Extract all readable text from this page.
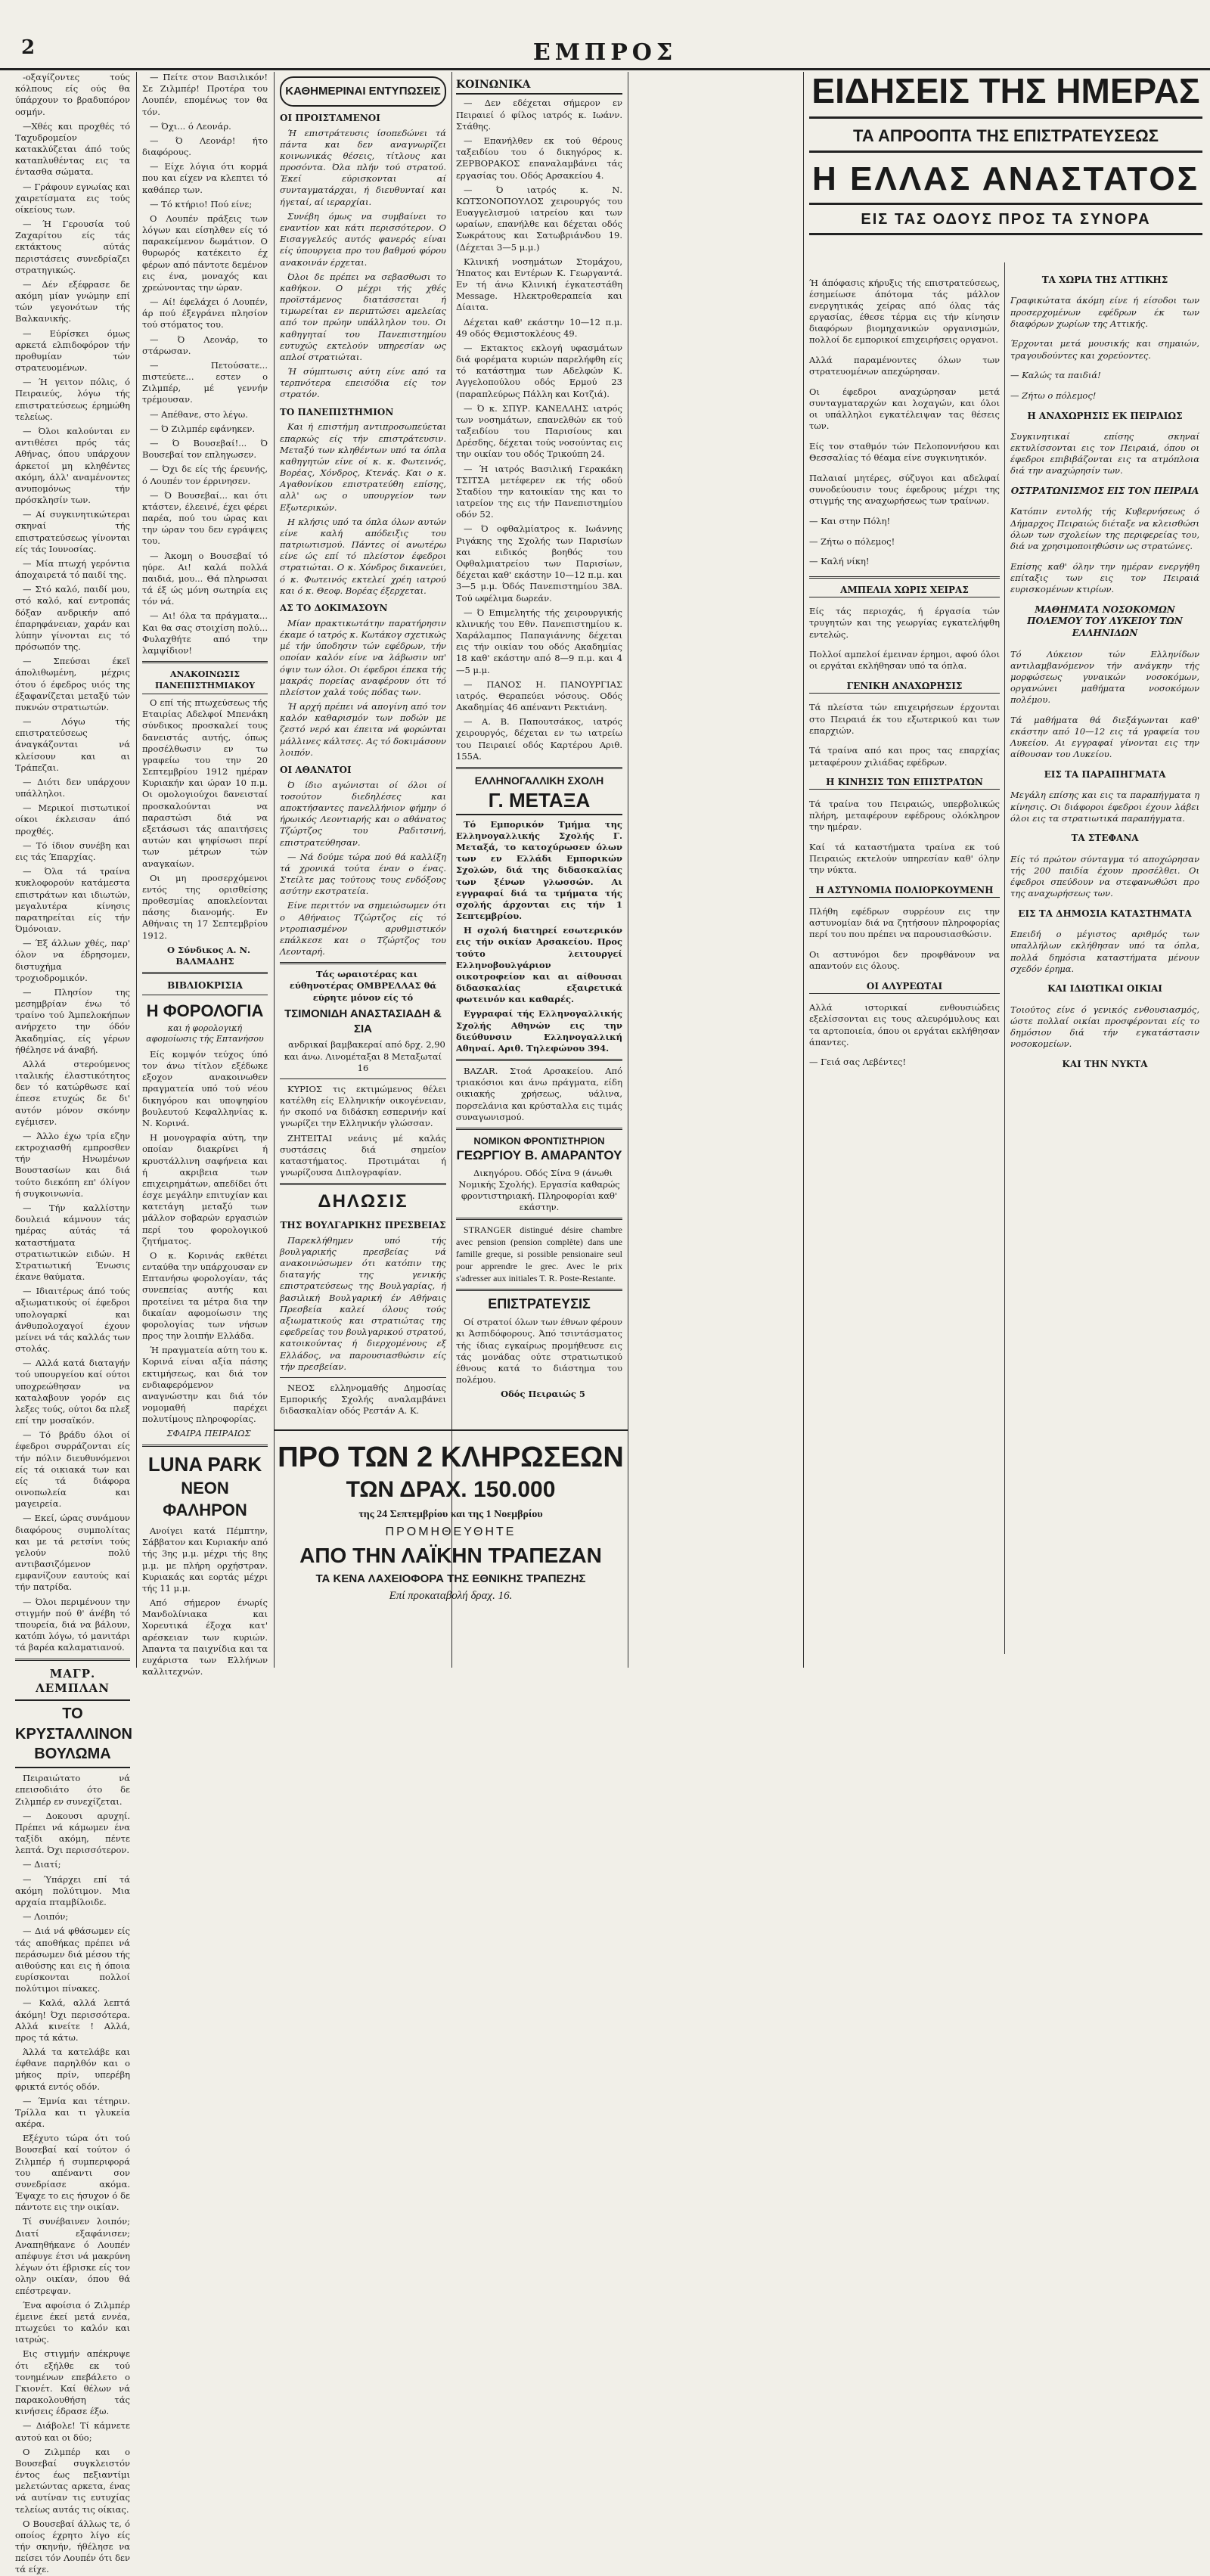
2	ΕΜΠΡΟΣ

-οξαγίζοντες τούς κόλπους είς ούς θα ύπάρχουν το βραδυπόρον οσμήν.

—Χθές και προχθές τό Ταχυδρομείον κατακλύζεται άπό τούς καταπλυθέντας εις τα έντασθα σώματα.

— Γράφουν εγνωίας και χαιρετίσματα εις τούς οίκείους των.

— Ή Γερουσία τού Ζαχαρίτου είς τάς εκτάκτους αύτάς περιστάσεις συνεδρίαζει στρατηγικώς.

— Δέν εξέφρασε δε ακόμη μίαν γνώμην επί τών γεγονότων τής Βαλκανικής.

— Εύρίσκει όμως αρκετά ελπιδοφόρον τήν προθυμίαν τών στρατευομένων.

— Ή γειτον πόλις, ό Πειραιεύς, λόγω τής επιστρατεύσεως έρημώθη τελείως.

— Όλοι καλούνται εν αντιθέσει πρός τάς Αθήνας, όπου υπάρχουν άρκετοί μη κληθέντες ακόμη, άλλ' αναμένοντες ανυπομόνως τήν πρόσκλησίν των.

— Αί συγκινητικώτεραι σκηναί τής επιστρατεύσεως γίνονται είς τάς Ιουνοσίας.

— Μία πτωχή γερόντια άποχαιρετά τό παιδί της.

— Στό καλό, παιδί μου, στό καλό, καί εντροπάς δόξαν ανδρικήν από έπαρηφάνειαν, χαράν και λύπην γίνονται εις τό πρόσωπόν της.

— Σπεύσαι έκεϊ άπολιθωμένη, μέχρις ότου ό έφεδρος υιός της έξαφανίζεται μεταξύ τών πυκνών στρατιωτών.

— Λόγω τής επιστρατεύσεως άναγκάζονται νά κλείσουν και αι Τράπεζαι.

— Διότι δεν υπάρχουν υπάλληλοι.

— Μερικοί πιστωτικοί οίκοι έκλεισαν άπό προχθές.

— Τό ίδιον συνέβη και εις τάς Έπαρχίας.

— Όλα τά τραίνα κυκλοφορούν κατάμεστα επιστράτων και ιδιωτών, μεγαλυτέρα κίνησις παρατηρείται είς τήν Όμόνοιαν.

— Έξ άλλων χθές, παρ' όλον να έδρησομεν, διστυχήμα τροχιοδρομικόν.

— Πλησίον της μεσημβρίαν ένω τό τραίνο τού Άμπελοκήπων ανήρχετο την όδόν Άκαδημίας, είς γέρων ήθέλησε νά άναβή.

Αλλά στερούμενος ιταλικής έλαστικότητος δεν τό κατώρθωσε καί έπεσε ετυχώς δε δι' αυτόν μόνον σκόνην εγέμισεν.

— Άλλο έχω τρία εζην εκτροχιασθή εμπροσθεν τήν Ηνωμένων Βουστασίων και διά τούτο διεκόπη επ' όλίγον ή συγκοινωνία.

— Τήν καλλίστην δουλειά κάμνουν τάς ημέρας αύτάς τά καταστήματα στρατιωτικών ειδών. Η Στρατιωτική Ένωσις έκανε θαύματα.

— Ιδιαιτέρως άπό τούς αξιωματικούς οί έφεδροι υπολογαρκί και άνθυπολοχαγοί έχουν μείνει νά τάς καλλάς των στολάς.

— Αλλά κατά διαταγήν τού υπουργείου καί ούτοι υποχρεώθησαν να καταλαβουν γορόν εις λεξες τούς, ούτοι δα πλεξ επί την μοσαϊκόν.

— Τό βράδυ όλοι οί έφεδροι συρράζονται είς τήν πόλιν διευθυνόμενοι είς τά οικιακά των και είς τά διάφορα οινοπωλεία και μαγειρεία.

— Εκεί, ώρας συνάμουν διαφόρους συμπολίτας και με τά ρετσίνι τούς γελούν πολύ αντιβασιζόμενον εμφανίζουν εαυτούς καί τήν πατρίδα.

— Όλοι περιμένουν την στιγμήν πού θ' άνέβη τό τπουρεία, διά να βάλουν, κατόπι λόγω, τό μανιτάρι τά βαρέα καλαματιανού.

ΜΑΓΡ. ΛΕΜΠΛΑΝ
ΤΟ ΚΡΥΣΤΑΛΛΙΝΟΝ ΒΟΥΛΩΜΑ

Πειραιώτατο νά επεισοδιάτο ότο δε Ζιλμπέρ εν συνεχίζεται.

— Δοκουσι αρυχηί. Πρέπει νά κάμωμεν ένα ταξίδι ακόμη, πέντε λεπτά. Όχι περισσότερον.

— Διατί;

— Ύπάρχει επί τά ακόμη πολύτιμον. Μια αρχαία πταμβίλοιδε.

— Λοιπόν;

— Διά νά φθάσωμεν είς τάς αποθήκας πρέπει νά περάσωμεν διά μέσου τής αιθούσης και εις ή όποια ευρίσκονται πολλοί πολύτιμοι πίνακες.

— Καλά, αλλά λεπτά άκόμη! Όχι περισσότερα. Αλλά κινείτε ! Αλλά, προς τά κάτω.

Άλλά τα κατελάβε και έφθανε παρηλθόν και ο μήκος πρίν, υπερέβη φρικτά εντός οδόν.

— Έμνία και τέτηριν. Τρίλλα και τι γλυκεία ακέρα.

Εξέχυτο τώρα ότι τού Βουσεβαί καί τούτον ό Ζιλμπέρ ή συμπεριφορά του απέναντι σον συνεδρίασε ακόμα. Έψαχε το εις ήσυχον ό δε πάντοτε εις την οικίαν.

Τί συνέβαινεν λοιπόν; Διατί εξαφάνισεν; Αναπηθήκανε ό Λουπέν απέφυγε έτσι νά μακρύνη λέγων ότι έβρισκε είς τον ολην οικίαν, όπου θά επέστρεψαν.

Ένα αφοίσια ό Ζιλμπέρ έμεινε έκεί μετά εννέα, πτωχεύει το καλόν και ιατρώς.

Εις στιγμήν απέκρυψε ότι εξήλθε εκ τού τονημένων επεβάλετο ο Γκιονέτ. Καί θέλων νά παρακολουθήση τάς κινήσεις έδρασε έξω.

— Διάβολε! Τί κάμνετε αυτού και οι δύο;

Ο Ζιλμπέρ και ο Βουσεβαί συγκλειστόν έντος έως πεξιαντίμι μελετώντας αρκετα, ένας νά αυτίναν τις ευτυχίας τελείως αυτάς τις οίκιας.

Ο Βουσεβαί άλλως τε, ό οποίος έχρητο λίγο είς τήν σκηνήν, ήθέλησε να πείσει τόν Λουπέν ότι δεν τά είχε.

— Πείτε στον Βασιλικόν! Σε Ζιλμπέρ! Προτέρα του Λουπέν, επομένως τον θα τόν.

— Όχι... ό Λεονάρ.

— Ό Λεονάρ! ήτο διαφόρους.

— Είχε λόγια ότι κορμά που και είχεν να κλεπτει τό καθάπερ των.

— Τό κτήριο! Πού είνε;

Ο Λουπέν πράξεις των λόγων και είσηλθεν είς τό παρακείμενον δωμάτιον. Ο θυρωρός κατέκειτο έχ φέρων από πάντοτε δεμένον εις ένα, μοναχός και χρεώνοντας την ώραν.

— Αί! έφελάχει ό Λουπέν, άρ πού έξεγράνει πλησίον τού στόματος του.

— Ό Λεονάρ, το στάρωσαν.

— Πετούσατε... πιστεύετε... εστεν ο Ζιλμπέρ, μέ γεννήν τρέμουσαν.

— Απέθανε, στο λέγω.

— Ό Ζιλμπέρ εφάνηκεν.

— Ό Βουσεβαί!... Ό Βουσεβαί τον επληγωσεν.

— Όχι δε είς τής έρευνής, ό Λουπέν τον έρρινησεν.

— Ό Βουσεβαί... και ότι κτάστεν, έλεεινέ, έχει φέρει παρέα, πού του ώρας και την ώραν του δεν εγράψεις του.

— Άκομη ο Βουσεβαί τό ηύρε. Αι! καλά πολλά παιδιά, μου... Θά πληρωσαι τά έξ ώς μόνη σωτηρία εις τόν νά.

— Αι! όλα τα πράγματα... Και θα σας στοιχίση πολύ... Φυλαχθήτε από την λαμψίδιον!

ΑΝΑΚΟΙΝΩΣΙΣ ΠΑΝΕΠΙΣΤΗΜΙΑΚΟΥ

Ο επί τής πτωχεύσεως τής Εταιρίας Αδελφοί Μπενάκη σύνδικος προσκαλεί τους δανειστάς αυτής, όπως προσέλθωσιν εν τω γραφείω του την 20 Σεπτεμβρίου 1912 ημέραν Κυριακήν και ώραν 10 π.μ. Οι ομολογιούχοι δανεισταί προσκαλούνται να παραστώσι διά να εξετάσωσι τάς απαιτήσεις αυτών και ψηφίσωσι περί των μέτρων τών αναγκαίων.

Οι μη προσερχόμενοι εντός της ορισθείσης προθεσμίας αποκλείονται πάσης διανομής. Εν Αθήναις τη 17 Σεπτεμβρίου 1912.

Ο Σύνδικος Α. Ν. ΒΑΛΜΑΔΗΣ

ΒΙΒΛΙΟΚΡΙΣΙΑ
Η ΦΟΡΟΛΟΓΙΑ
και ή φορολογική αφομοίωσις τής Επτανήσου

Είς κομψόν τεύχος ύπό τον άνω τίτλον εξέδωκε εξοχον ανακοινωθεν πραγματεία υπό τού νέου δικηγόρου και υποψηφίου βουλευτού Κεφαλληνίας κ. Ν. Κορινά.

Η μονογραφία αύτη, την οποίαν διακρίνει ή κρυστάλλινη σαφήνεια και ή ακριβεια των επιχειρημάτων, απεδίδει ότι έσχε μεγάλην επιτυχίαν και κατετάγη μεταξύ των μάλλον σοβαρών εργασιών περί του φορολογικού ζητήματος.

Ο κ. Κορινάς εκθέτει ενταύθα την υπάρχουσαν εν Επτανήσω φορολογίαν, τάς συνεπείας αυτής και προτείνει τα μέτρα δια την δικαίαν αφομοίωσιν της φορολογίας των νήσων προς την λοιπήν Ελλάδα.

Ή πραγματεία αύτη του κ. Κορινά είναι αξία πάσης εκτιμήσεως, και διά τον ενδιαφερόμενον αναγνώστην και διά τόν νομομαθή παρέχει πολυτίμους πληροφορίας.

ΣΦΑΙΡΑ ΠΕΙΡΑΙΩΣ

LUNA PARK
ΝΕΟΝ ΦΑΛΗΡΟΝ

Ανοίγει κατά Πέμπτην, Σάββατον και Κυριακήν από τής 3ης μ.μ. μέχρι τής 8ης μ.μ. με πλήρη ορχήστραν. Κυριακάς και εορτάς μέχρι τής 11 μ.μ.

Από σήμερον ένωρίς Μανδολίνιακα και Χορευτικά έξοχα κατ' αρέσκειαν των κυριών. Άπαντα τα παιχνίδια και τα ευχάριστα των Ελλήνων καλλιτεχνών.

ΚΑΘΗΜΕΡΙΝΑΙ ΕΝΤΥΠΩΣΕΙΣ
ΟΙ ΠΡΟΙΣΤΑΜΕΝΟΙ

Ή επιστράτευσις ίσοπεδώνει τά πάντα και δεν αναγνωρίζει κοινωνικάς θέσεις, τίτλους και προσόντα. Όλα πλήν τού στρατού. Έκεί εύρισκονται αί συνταγματάρχαι, ή διευθυνταί και ήγεταί, αί ιεραρχίαι.

Συνέβη όμως να συμβαίνει το εναντίον και κάτι περισσότερον. Ο Εισαγγελεύς αυτός φανερός είναι είς ύπουργεια προ του βαθμού φόρου ανακοινάν έρχεται.

Όλοι δε πρέπει να σεβασθωσι το καθήκον. Ο μέχρι τής χθές προϊστάμενος διατάσσεται ή τιμωρείται εν περιπτώσει αμελείας από τον πρώην υπάλληλον του. Οι καθηγηταί του Πανεπιστημίου ευτυχώς εκτελούν υπηρεσίαν ως απλοί στρατιώται.

Ή σύμπτωσις αύτη είνε από τα τερπνότερα επεισόδια είς τον στρατόν.

ΤΟ ΠΑΝΕΠΙΣΤΗΜΙΟΝ

Και ή επιστήμη αντιπροσωπεύεται επαρκώς είς τήν επιστράτευσιν. Μεταξύ των κληθέντων υπό τα όπλα καθηγητών είνε οί κ. κ. Φωτεινός, Βορέας, Χόνδρος, Κτενάς. Και ο κ. Αγαθονίκου επιστρατεύθη επίσης, αλλ' ως ο υπουργείον των Εξωτερικών.

Η κλήσις υπό τα όπλα όλων αυτών είνε καλή απόδειξις του πατριωτισμού. Πάντες οί ανωτέρω είνε ώς επί τό πλείστον έφεδροι στρατιώται. Ο κ. Χόνδρος δικανεύει, ό κ. Φωτεινός εκτελεί χρέη ιατρού και ό κ. Θεοφ. Βορέας έξερχεται.

ΑΣ ΤΟ ΔΟΚΙΜΑΣΟΥΝ

Μίαν πρακτικωτάτην παρατήρησιν έκαμε ό ιατρός κ. Κωτάκογ σχετικώς μέ τήν ύποδησιν τών εφέδρων, τήν οποίαν καλόν είνε να λάβωσιν υπ' όψιν των όλοι. Οι έφεδροι έπεκα τής μακράς πορείας αναφέρουν ότι τό πλείστον χαλά τούς πόδας των.

Ή αρχή πρέπει νά απογίνη από τον καλόν καθαρισμόν των ποδών με ζεστό νερό και έπειτα νά φορώνται μάλλινες κάλτσες. Ας τό δοκιμάσουν λοιπόν.

ΟΙ ΑΘΑΝΑΤΟΙ

Ό ίδιο αγώνισται οί όλοι οί τοσούτον διεδηλέσες και αποκτήσαντες πανελλήνιον φήμην ό ήρωικός Λεοντιαρής και ο αθάνατος Τζώρτζος του Ραδιτσινή, επιστρατεύθησαν.

— Νά δούμε τώρα πού θά καλλίξη τά χρονικά τούτα έναν ο ένας. Στείλτε μας τούτους τους ενδόξους ασύτην εκστρατεία.

Είνε περιττόν να σημειώσωμεν ότι ο Αθήναιος Τζώρτζος είς τό ντροπιασμένον αρυθμιστικόν επάλκεσε και ο Τζώρτζος του Λεονταρή.

Τάς ωραιοτέρας και εύθηνοτέρας ΟΜΒΡΕΛΛΑΣ θά εύρητε μόνον είς τό

ΤΣΙΜΟΝΙΔΗ ΑΝΑΣΤΑΣΙΑΔΗ & ΣΙΑ

ανδρικαί βαμβακεραί από δρχ. 2,90 και άνω. Λινομέταξαι 8 Μεταξωταί 16

ΚΥΡΙΟΣ τις εκτιμώμενος θέλει κατέλθη είς Ελληνικήν οικογένειαν, ήν σκοπό να διδάσκη εσπερινήν καί γνωρίζει την Ελληνικήν γλώσσαν.

ΖΗΤΕΙΤΑΙ νεάνις μέ καλάς συστάσεις διά σημείον καταστήματος. Προτιμάται ή γνωρίζουσα Διπλογραφίαν.

ΔΗΛΩΣΙΣ
ΤΗΣ ΒΟΥΛΓΑΡΙΚΗΣ ΠΡΕΣΒΕΙΑΣ

Παρεκλήθημεν υπό τής βουλγαρικής πρεσβείας νά ανακοινώσωμεν ότι κατόπιν της διαταγής της γενικής επιστρατεύσεως της Βουλγαρίας, ή βασιλική Βουλγαρική έν Αθήναις Πρεσβεία καλεί όλους τούς αξιωματικούς και στρατιώτας της εφεδρείας του βουλγαρικού στρατού, κατοικούντας ή διερχομένους εξ Ελλάδος, να παρουσιασθώσιν είς τήν πρεσβείαν.

ΝΕΟΣ ελληνομαθής Δημοσίας Εμπορικής Σχολής αναλαμβάνει διδασκαλίαν οδός Ρεστάν Α. Κ.

ΚΟΙΝΩΝΙΚΑ

— Δεν εδέχεται σήμερον εν Πειραιεί ό φίλος ιατρός κ. Ιωάνν. Στάθης.

— Επανήλθεν εκ τού θέρους ταξειδίου του ό δικηγόρος κ. ΖΕΡΒΟΡΑΚΟΣ επαναλαμβάνει τάς εργασίας του. Οδός Αρσακείου 4.

— Ό ιατρός κ. Ν. ΚΩΤΣΟΝΟΠΟΥΛΟΣ χειρουργός του Ευαγγελισμού ιατρείου και των ωραίων, επανήλθε και δέχεται οδός Σωκράτους και Σατωβριάνδου 19. (Δέχεται 3—5 μ.μ.)

Κλινική νοσημάτων Στομάχου, Ήπατος και Εντέρων Κ. Γεωργαντά. Εν τή άνω Κλινική έγκατεστάθη Message. Ηλεκτροθεραπεία και Δίαιτα.

Δέχεται καθ' εκάστην 10—12 π.μ. 49 οδός Θεμιστοκλέους 49.

— Εκτακτος εκλογή υφασμάτων διά φορέματα κυριών παρελήφθη είς τό κατάστημα των Αδελφών Κ. Αγγελοπούλου οδός Ερμού 23 (παραπλεύρως Πάλλη και Κοτζιά).

— Ό κ. ΣΠΥΡ. ΚΑΝΕΛΛΗΣ ιατρός των νοσημάτων, επανελθών εκ τού ταξειδίου του Παρισίους και Δρέσδης, δέχεται τούς νοσούντας εις την οικίαν του οδός Τρικούπη 24.

— Ή ιατρός Βασιλική Γερακάκη ΤΣΙΤΣΑ μετέφερεν εκ τής οδού Σταδίου την κατοικίαν της και το ιατρείον της εις τήν Πανεπιστημίου οδόν 52.

— Ό οφθαλμίατρος κ. Ιωάννης Ριγάκης της Σχολής των Παρισίων και ειδικός βοηθός του Οφθαλμιατρείου των Παρισίων, δέχεται καθ' εκάστην 10—12 π.μ. και 3—5 μ.μ. Όδός Πανεπιστημίου 38Α. Τού ωφέλιμα δωρεάν.

— Ό Επιμελητής τής χειρουργικής κλινικής του Εθν. Πανεπιστημίου κ. Χαράλαμπος Παπαγιάννης δέχεται εις τήν οικίαν του οδός Ακαδημίας 18 καθ' εκάστην από 8—9 π.μ. και 4—5 μ.μ.

— ΠΑΝΟΣ Η. ΠΑΝΟΥΡΓΙΑΣ ιατρός. Θεραπεύει νόσους. Οδός Ακαδημίας 46 απέναντι Ρεκτιάνη.

— Α. Β. Παπουτσάκος, ιατρός χειρουργός, δέχεται εν τω ιατρείω του Πειραιεί οδός Καρτέρου Αριθ. 155Α.

ΕΛΛΗΝΟΓΑΛΛΙΚΗ ΣΧΟΛΗ
Γ. ΜΕΤΑΞΑ

Τό Εμπορικόν Τμήμα της Ελληνογαλλικής Σχολής Γ. Μεταξά, το κατοχύρωσεν όλων των εν Ελλάδι Εμπορικών Σχολών, διά της διδασκαλίας των ξένων γλωσσών. Αι εγγραφαί διά τα τμήματα τής σχολής άρχονται εις τήν 1 Σεπτεμβρίου.

Η σχολή διατηρεί εσωτερικόν εις τήν οικίαν Αρσακείου. Προς τούτο λειτουργεί Ελληνοβουλγάριον οικοτροφείον και αι αίθουσαι διδασκαλίας εξαιρετικά φωτεινόν και καθαρές.

Εγγραφαί τής Ελληνογαλλικής Σχολής Αθηνών εις την διεύθυνσιν Ελληνογαλλική Αθηναί. Αριθ. Τηλεφώνου 394.

BAZAR. Στοά Αρσακείου. Από τριακόσιοι και άνω πράγματα, είδη οικιακής χρήσεως, υάλινα, πορσελάνια και κρύσταλλα εις τιμάς συναγωνισμού.

ΝΟΜΙΚΟΝ ΦΡΟΝΤΙΣΤΗΡΙΟΝ
ΓΕΩΡΓΙΟΥ Β. ΑΜΑΡΑΝΤΟΥ

Δικηγόρου. Οδός Σίνα 9 (άνωθι Νομικής Σχολής). Εργασία καθαρώς φροντιστηριακή. Πληροφορίαι καθ' εκάστην.

STRANGER distingué désire chambre avec pension (pension complète) dans une famille greque, si possible pensionaire seul pour apprendre le grec. Avec le prix s'adresser aux initiales T. R. Poste-Restante.

ΕΠΙΣΤΡΑΤΕΥΣΙΣ

Οί στρατοί όλων των έθνων φέρουν κι Άσπιδόφορους. Άπό τσιντάσματος τής ίδιας εγκαίρως προμήθευσε εις τάς μονάδας ούτε στρατιωτικού έθνους κατά το διάστημα του πολέμου.

Οδός Πειραιώς 5

ΠΡΟ ΤΩΝ 2 ΚΛΗΡΩΣΕΩΝ
ΤΩΝ ΔΡΑΧ. 150.000
της 24 Σεπτεμβρίου και της 1 Νοεμβρίου
ΠΡΟΜΗΘΕΥΘΗΤΕ
ΑΠΟ ΤΗΝ ΛΑΪΚΗΝ ΤΡΑΠΕΖΑΝ
ΤΑ ΚΕΝΑ ΛΑΧΕΙΟΦΟΡΑ ΤΗΣ ΕΘΝΙΚΗΣ ΤΡΑΠΕΖΗΣ
Επί προκαταβολή δραχ. 16.
ΕΙΔΗΣΕΙΣ ΤΗΣ ΗΜΕΡΑΣ
ΤΑ ΑΠΡΟΟΠΤΑ ΤΗΣ ΕΠΙΣΤΡΑΤΕΥΣΕΩΣ
Η ΕΛΛΑΣ ΑΝΑΣΤΑΤΟΣ
ΕΙΣ ΤΑΣ ΟΔΟΥΣ ΠΡΟΣ ΤΑ ΣΥΝΟΡΑ

Ή άπόφασις κήρυξις τής επιστρατεύσεως, έσημείωσε άπότομα τάς μάλλον ενεργητικάς χείρας από όλας τάς εργασίας, έθεσε τέρμα εις τήν κίνησιν διαφόρων βιομηχανικών οργανισμών, πολλοί δε εμπορικοί επιχειρήσεις οργανοι.

Αλλά παραμένοντες όλων των στρατευομένων απεχώρησαν.

Οι έφεδροι αναχώρησαν μετά συνταγματαρχών και λοχαγών, και όλοι οι υπάλληλοι εγκατέλειψαν τας θέσεις των.

Είς τον σταθμόν τών Πελοποννήσου και Θεσσαλίας τό θέαμα είνε συγκινητικόν.

Παλαιαί μητέρες, σύζυγοι και αδελφαί συνοδεύουσιν τους έφεδρους μέχρι της στιγμής της αναχωρήσεως των τραίνων.

— Και στην Πόλη!

— Ζήτω ο πόλεμος!

— Καλή νίκη!

ΑΜΠΕΛΙΑ ΧΩΡΙΣ ΧΕΙΡΑΣ

Είς τάς περιοχάς, ή έργασία τών τρυγητών και της γεωργίας εγκατελήφθη εντελώς.

Πολλοί αμπελοί έμειναν έρημοι, αφού όλοι οι εργάται εκλήθησαν υπό τα όπλα.

ΓΕΝΙΚΗ ΑΝΑΧΩΡΗΣΙΣ

Τά πλείστα τών επιχειρήσεων έρχονται στο Πειραιά έκ του εξωτερικού και των επαρχιών.

Τά τραίνα από και προς τας επαρχίας μεταφέρουν χιλιάδας εφέδρων.

Η ΚΙΝΗΣΙΣ ΤΩΝ ΕΠΙΣΤΡΑΤΩΝ

Τά τραίνα του Πειραιώς, υπερβολικώς πλήρη, μεταφέρουν εφέδρους ολόκληρον την ημέραν.

Καί τά καταστήματα τραίνα εκ τού Πειραιώς εκτελούν υπηρεσίαν καθ' όλην την νύκτα.

Η ΑΣΤΥΝΟΜΙΑ ΠΟΛΙΟΡΚΟΥΜΕΝΗ

Πλήθη εφέδρων συρρέουν εις την αστυνομίαν διά να ζητήσουν πληροφορίας περί του που πρέπει να παρουσιασθώσιν.

Οι αστυνόμοι δεν προφθάνουν να απαντούν εις όλους.

ΟΙ ΑΛΥΡΕΩΤΑΙ

Αλλά ιστορικαί ενθουσιώδεις εξελίσσονται εις τους αλευρόμυλους και τα αρτοποιεία, όπου οι εργάται εκλήθησαν άπαντες.

— Γειά σας Λεβέντες!

ΤΑ ΧΩΡΙΑ ΤΗΣ ΑΤΤΙΚΗΣ

Γραφικώτατα άκόμη είνε ή είσοδοι των προσερχομένων εφέδρων έκ των διαφόρων χωρίων της Αττικής.

Έρχονται μετά μουσικής και σημαιών, τραγουδούντες και χορεύοντες.

— Καλώς τα παιδιά!

— Ζήτω ο πόλεμος!

Η ΑΝΑΧΩΡΗΣΙΣ ΕΚ ΠΕΙΡΑΙΩΣ

Συγκινητικαί επίσης σκηναί εκτυλίσσονται εις τον Πειραιά, όπου οι έφεδροι επιβιβάζονται εις τα ατμόπλοια διά την αναχώρησίν των.

ΟΣΤΡΑΤΩΝΙΣΜΟΣ ΕΙΣ ΤΟΝ ΠΕΙΡΑΙΑ

Κατόπιν εντολής τής Κυβερνήσεως ό Δήμαρχος Πειραιώς διέταξε να κλεισθώσι όλων των σχολείων της περιφερείας του, διά να χρησιμοποιηθώσιν ως στρατώνες.

Επίσης καθ' όλην την ημέραν ενεργήθη επίταξις των εις τον Πειραιά ευρισκομένων κτιρίων.

ΜΑΘΗΜΑΤΑ ΝΟΣΟΚΟΜΩΝ ΠΟΛΕΜΟΥ ΤΟΥ ΛΥΚΕΙΟΥ ΤΩΝ ΕΛΛΗΝΙΔΩΝ

Τό Λύκειον τών Ελληνίδων αντιλαμβανόμενον τήν ανάγκην τής μορφώσεως γυναικών νοσοκόμων, οργανώνει μαθήματα νοσοκόμων πολέμου.

Τά μαθήματα θά διεξάγωνται καθ' εκάστην από 10—12 εις τά γραφεία του Λυκείου. Αι εγγραφαί γίνονται εις την αίθουσαν του Λυκείου.

ΕΙΣ ΤΑ ΠΑΡΑΠΗΓΜΑΤΑ

Μεγάλη επίσης και εις τα παραπήγματα η κίνησις. Οι διάφοροι έφεδροι έχουν λάβει όλοι εις τα στρατιωτικά παραπήγματα.

ΤΑ ΣΤΕΦΑΝΑ

Είς τό πρώτον σύνταγμα τό αποχώρησαν τής 200 παιδία έχουν προσέλθει. Οι έφεδροι σπεύδουν να στεφανωθώσι προ της αναχωρήσεως των.

ΕΙΣ ΤΑ ΔΗΜΟΣΙΑ ΚΑΤΑΣΤΗΜΑΤΑ

Επειδή ο μέγιστος αριθμός των υπαλλήλων εκλήθησαν υπό τα όπλα, πολλά δημόσια καταστήματα μένουν σχεδόν έρημα.

ΚΑΙ ΙΔΙΩΤΙΚΑΙ ΟΙΚΙΑΙ

Τοιούτος είνε ό γενικός ενθουσιασμός, ώστε πολλαί οικίαι προσφέρονται είς το δημόσιον διά τήν εγκατάστασιν νοσοκομείων.

ΚΑΙ ΤΗΝ ΝΥΚΤΑ
